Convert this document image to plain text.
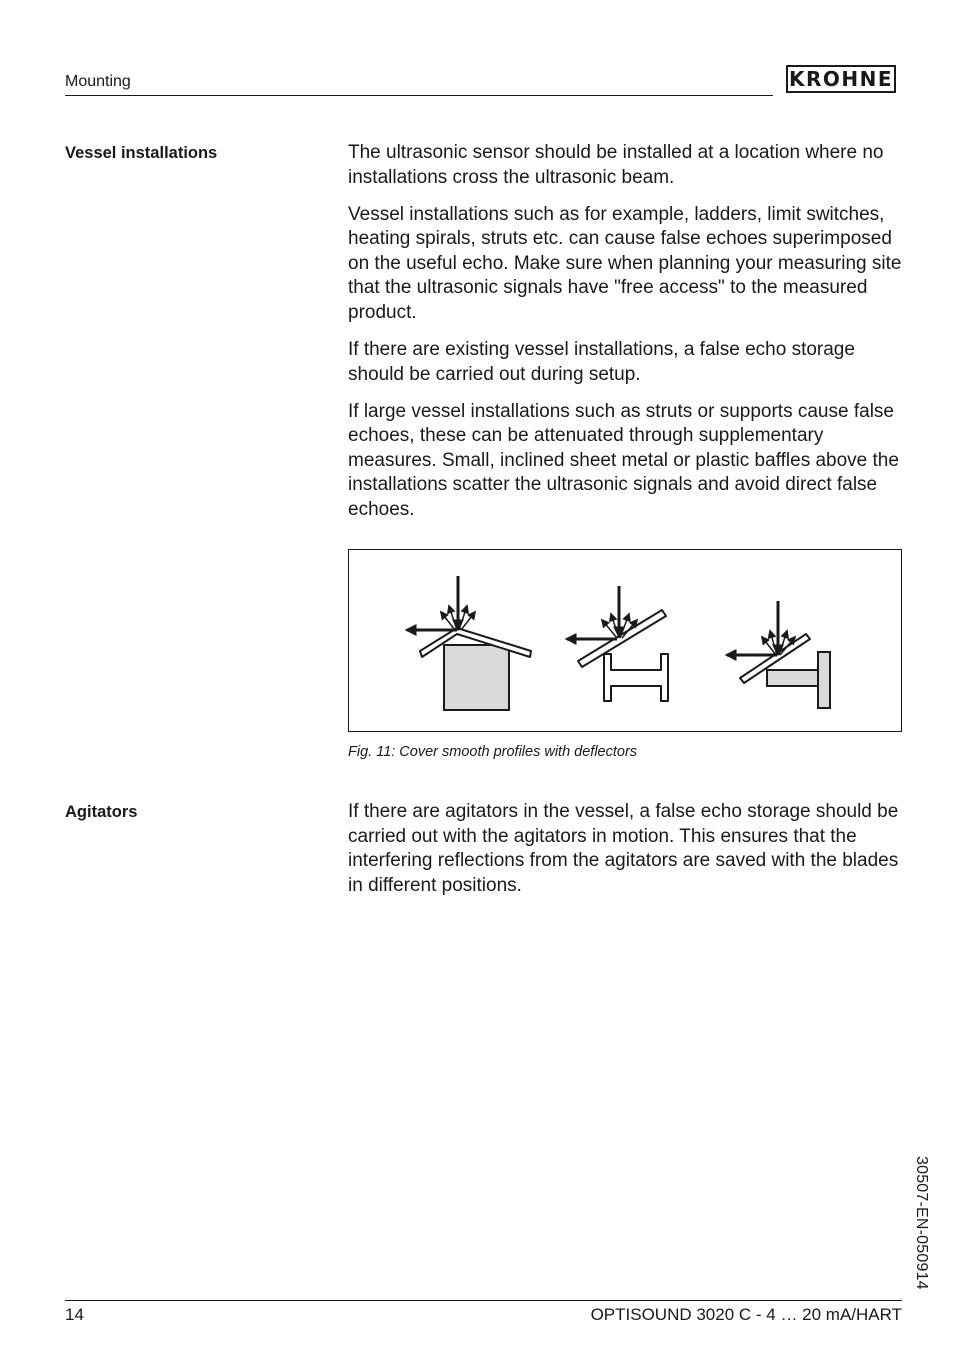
Mounting	KROHNE
Vessel installations	The ultrasonic sensor should be installed at a location where no installations cross the ultrasonic beam.

Vessel installations such as for example, ladders, limit switches, heating spirals, struts etc. can cause false echoes superimposed on the useful echo. Make sure when planning your measuring site that the ultrasonic signals have "free access" to the measured product.

If there are existing vessel installations, a false echo storage should be carried out during setup.

If large vessel installations such as struts or supports cause false echoes, these can be attenuated through supplementary measures. Small, inclined sheet metal or plastic baffles above the installations scatter the ultrasonic signals and avoid direct false echoes.

Fig. 11: Cover smooth profiles with deflectors
Agitators	If there are agitators in the vessel, a false echo storage should be carried out with the agitators in motion. This ensures that the interfering reflections from the agitators are saved with the blades in different positions.

30507-EN-050914
14	OPTISOUND 3020 C - 4 … 20 mA/HART
